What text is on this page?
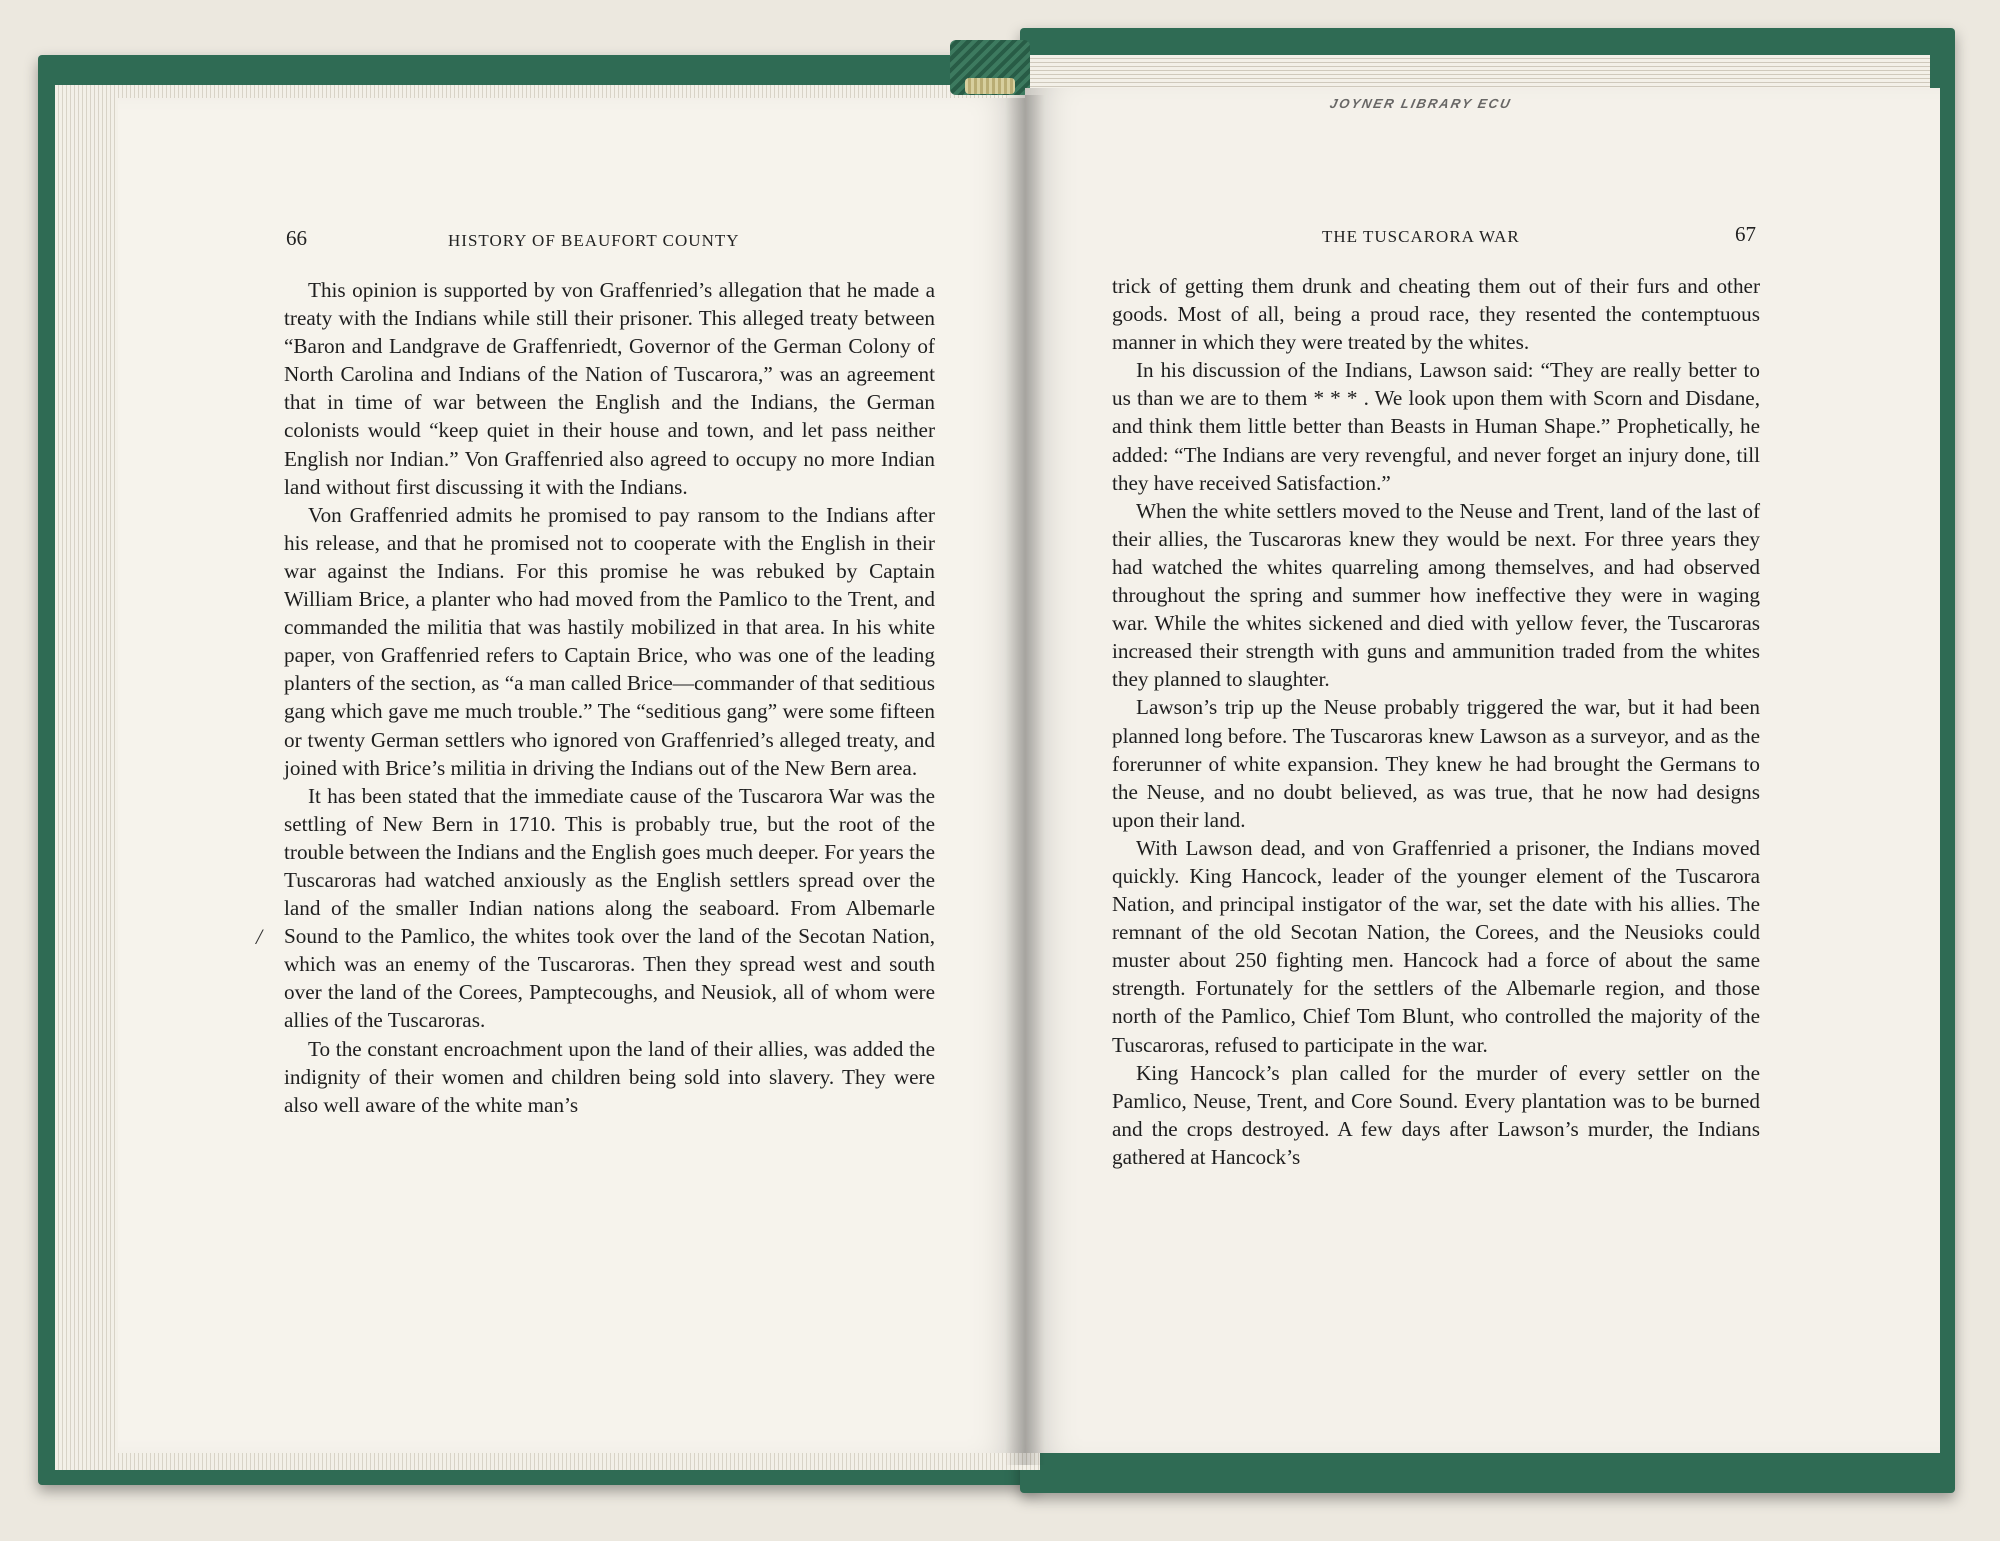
JOYNER LIBRARY ECU
66	HISTORY OF BEAUFORT COUNTY	THE TUSCARORA WAR	67

This opinion is supported by von Graffenried’s allegation that he made a treaty with the Indians while still their prisoner. This alleged treaty between “Baron and Landgrave de Graffenriedt, Governor of the German Colony of North Carolina and Indians of the Nation of Tuscarora,” was an agreement that in time of war between the English and the Indians, the German colonists would “keep quiet in their house and town, and let pass neither English nor Indian.” Von Graffenried also agreed to occupy no more Indian land without first discussing it with the Indians.

Von Graffenried admits he promised to pay ransom to the Indians after his release, and that he promised not to cooperate with the English in their war against the Indians. For this promise he was rebuked by Captain William Brice, a planter who had moved from the Pamlico to the Trent, and commanded the militia that was hastily mobilized in that area. In his white paper, von Graffenried refers to Captain Brice, who was one of the leading planters of the section, as “a man called Brice—commander of that seditious gang which gave me much trouble.” The “seditious gang” were some fifteen or twenty German settlers who ignored von Graffenried’s alleged treaty, and joined with Brice’s militia in driving the Indians out of the New Bern area.

It has been stated that the immediate cause of the Tuscarora War was the settling of New Bern in 1710. This is probably true, but the root of the trouble between the Indians and the English goes much deeper. For years the Tuscaroras had watched anxiously as the English settlers spread over the land of the smaller Indian nations along the seaboard. From Albemarle Sound to the Pamlico, the whites took over the land of the Secotan Nation, which was an enemy of the Tuscaroras. Then they spread west and south over the land of the Corees, Pamptecoughs, and Neusiok, all of whom were allies of the Tuscaroras.

To the constant encroachment upon the land of their allies, was added the indignity of their women and children being sold into slavery. They were also well aware of the white man’s

/

trick of getting them drunk and cheating them out of their furs and other goods. Most of all, being a proud race, they resented the contemptuous manner in which they were treated by the whites.

In his discussion of the Indians, Lawson said: “They are really better to us than we are to them * * * . We look upon them with Scorn and Disdane, and think them little better than Beasts in Human Shape.” Prophetically, he added: “The Indians are very revengful, and never forget an injury done, till they have received Satisfaction.”

When the white settlers moved to the Neuse and Trent, land of the last of their allies, the Tuscaroras knew they would be next. For three years they had watched the whites quarreling among themselves, and had observed throughout the spring and summer how ineffective they were in waging war. While the whites sickened and died with yellow fever, the Tuscaroras increased their strength with guns and ammunition traded from the whites they planned to slaughter.

Lawson’s trip up the Neuse probably triggered the war, but it had been planned long before. The Tuscaroras knew Lawson as a surveyor, and as the forerunner of white expansion. They knew he had brought the Germans to the Neuse, and no doubt believed, as was true, that he now had designs upon their land.

With Lawson dead, and von Graffenried a prisoner, the Indians moved quickly. King Hancock, leader of the younger element of the Tuscarora Nation, and principal instigator of the war, set the date with his allies. The remnant of the old Secotan Nation, the Corees, and the Neusioks could muster about 250 fighting men. Hancock had a force of about the same strength. Fortunately for the settlers of the Albemarle region, and those north of the Pamlico, Chief Tom Blunt, who controlled the majority of the Tuscaroras, refused to participate in the war.

King Hancock’s plan called for the murder of every settler on the Pamlico, Neuse, Trent, and Core Sound. Every plantation was to be burned and the crops destroyed. A few days after Lawson’s murder, the Indians gathered at Hancock’s
